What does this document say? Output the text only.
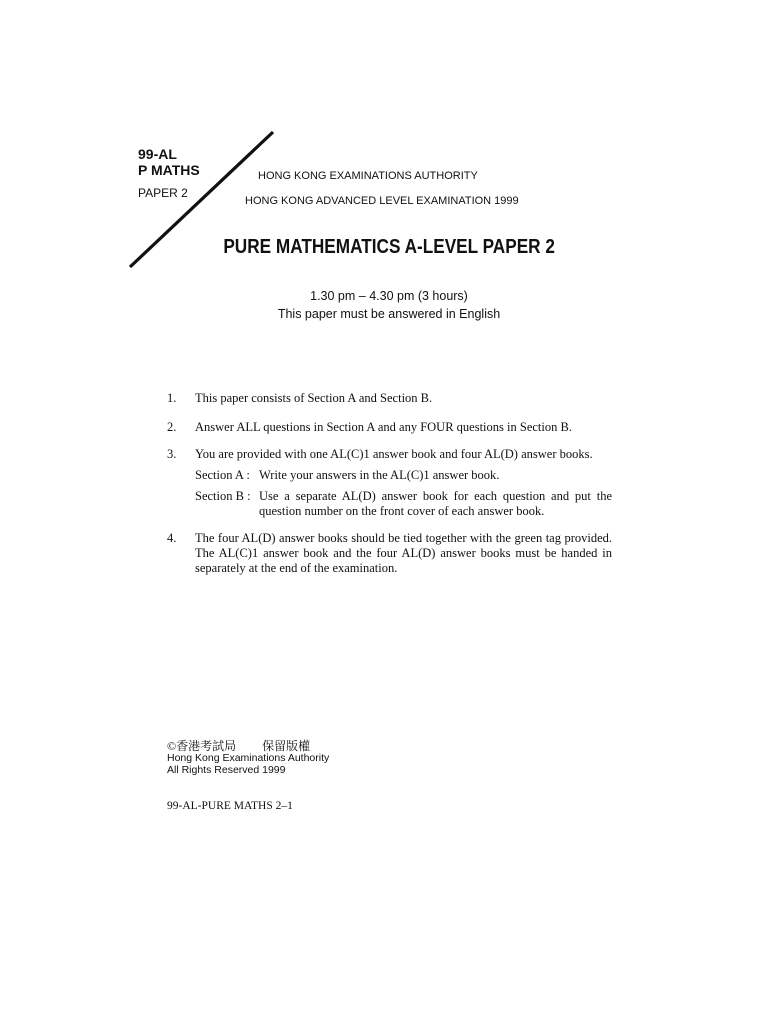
99-AL
P MATHS
PAPER 2
HONG KONG EXAMINATIONS AUTHORITY
HONG KONG ADVANCED LEVEL EXAMINATION 1999
PURE MATHEMATICS A-LEVEL PAPER 2
1.30 pm – 4.30 pm (3 hours)
This paper must be answered in English
1. This paper consists of Section A and Section B.
2. Answer ALL questions in Section A and any FOUR questions in Section B.
3. You are provided with one AL(C)1 answer book and four AL(D) answer books.
Section A : Write your answers in the AL(C)1 answer book.
Section B : Use a separate AL(D) answer book for each question and put the question number on the front cover of each answer book.
4. The four AL(D) answer books should be tied together with the green tag provided. The AL(C)1 answer book and the four AL(D) answer books must be handed in separately at the end of the examination.
©香港考試局 保留版權
Hong Kong Examinations Authority
All Rights Reserved 1999
99-AL-PURE MATHS 2–1
